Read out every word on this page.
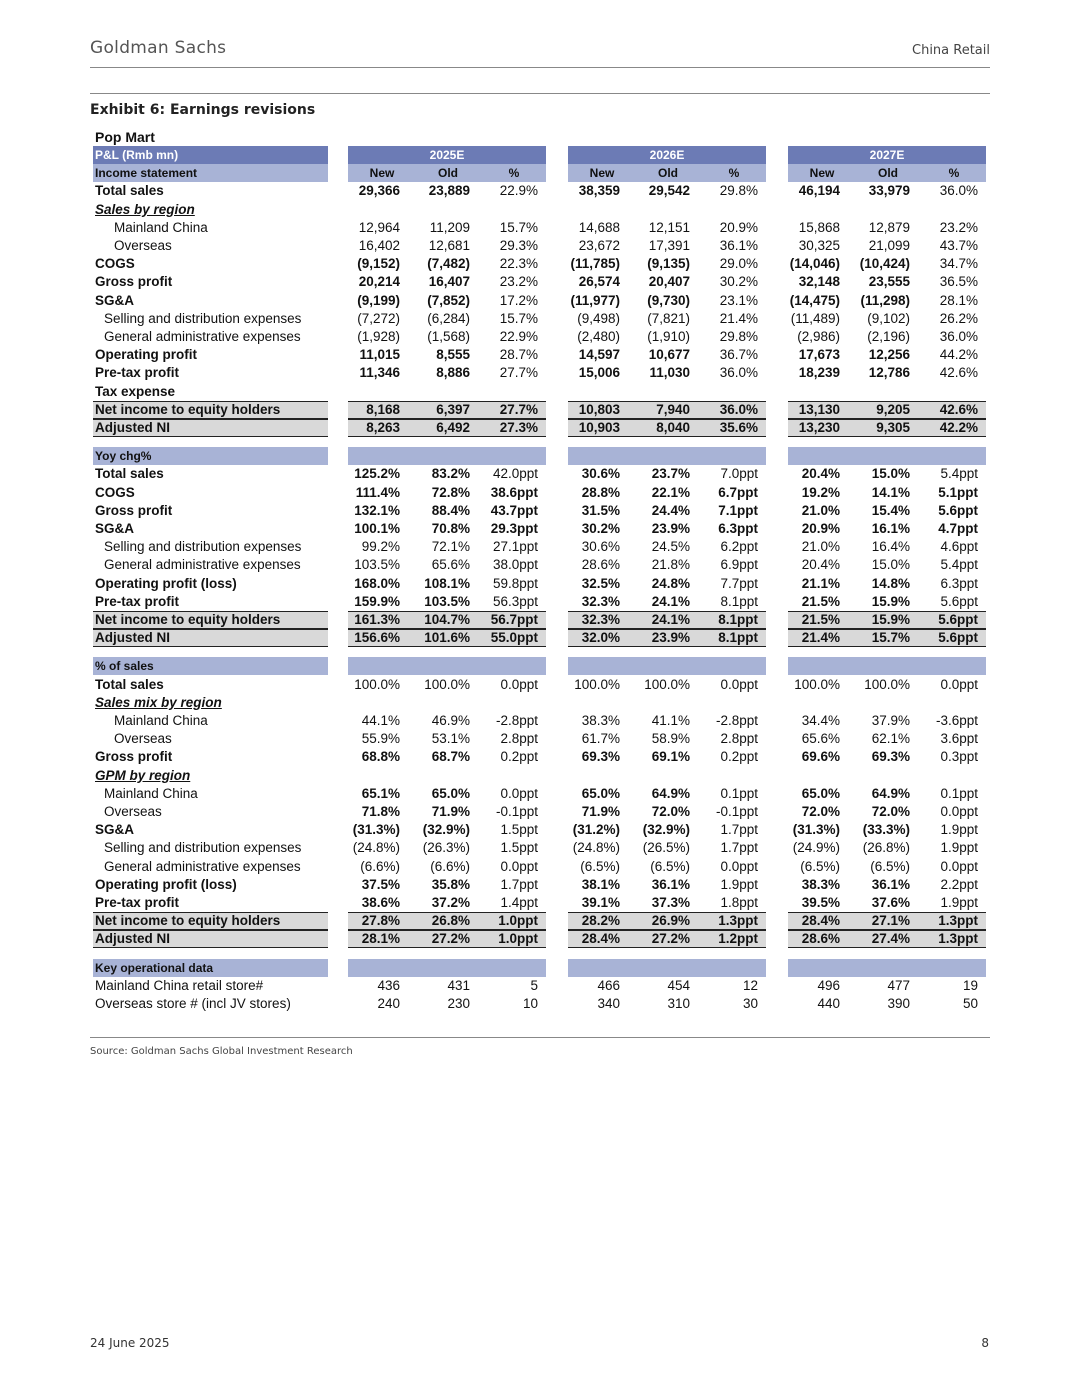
Goldman Sachs	China Retail
Exhibit 6: Earnings revisions
Pop Mart
P&L (Rmb mn)	2025E	2026E	2027E
Income statement	New	Old	%	New	Old	%	New	Old	%
Total sales	29,366	23,889	22.9%	38,359	29,542	29.8%	46,194	33,979	36.0%
Sales by region
Mainland China	12,964	11,209	15.7%	14,688	12,151	20.9%	15,868	12,879	23.2%
Overseas	16,402	12,681	29.3%	23,672	17,391	36.1%	30,325	21,099	43.7%
COGS	(9,152)	(7,482)	22.3%	(11,785)	(9,135)	29.0%	(14,046)	(10,424)	34.7%
Gross profit	20,214	16,407	23.2%	26,574	20,407	30.2%	32,148	23,555	36.5%
SG&A	(9,199)	(7,852)	17.2%	(11,977)	(9,730)	23.1%	(14,475)	(11,298)	28.1%
Selling and distribution expenses	(7,272)	(6,284)	15.7%	(9,498)	(7,821)	21.4%	(11,489)	(9,102)	26.2%
General administrative expenses	(1,928)	(1,568)	22.9%	(2,480)	(1,910)	29.8%	(2,986)	(2,196)	36.0%
Operating profit	11,015	8,555	28.7%	14,597	10,677	36.7%	17,673	12,256	44.2%
Pre-tax profit	11,346	8,886	27.7%	15,006	11,030	36.0%	18,239	12,786	42.6%
Tax expense
Net income to equity holders	8,168	6,397	27.7%	10,803	7,940	36.0%	13,130	9,205	42.6%
Adjusted NI	8,263	6,492	27.3%	10,903	8,040	35.6%	13,230	9,305	42.2%
Yoy chg%
Total sales	125.2%	83.2%	42.0ppt	30.6%	23.7%	7.0ppt	20.4%	15.0%	5.4ppt
COGS	111.4%	72.8%	38.6ppt	28.8%	22.1%	6.7ppt	19.2%	14.1%	5.1ppt
Gross profit	132.1%	88.4%	43.7ppt	31.5%	24.4%	7.1ppt	21.0%	15.4%	5.6ppt
SG&A	100.1%	70.8%	29.3ppt	30.2%	23.9%	6.3ppt	20.9%	16.1%	4.7ppt
Selling and distribution expenses	99.2%	72.1%	27.1ppt	30.6%	24.5%	6.2ppt	21.0%	16.4%	4.6ppt
General administrative expenses	103.5%	65.6%	38.0ppt	28.6%	21.8%	6.9ppt	20.4%	15.0%	5.4ppt
Operating profit (loss)	168.0%	108.1%	59.8ppt	32.5%	24.8%	7.7ppt	21.1%	14.8%	6.3ppt
Pre-tax profit	159.9%	103.5%	56.3ppt	32.3%	24.1%	8.1ppt	21.5%	15.9%	5.6ppt
Net income to equity holders	161.3%	104.7%	56.7ppt	32.3%	24.1%	8.1ppt	21.5%	15.9%	5.6ppt
Adjusted NI	156.6%	101.6%	55.0ppt	32.0%	23.9%	8.1ppt	21.4%	15.7%	5.6ppt
% of sales
Total sales	100.0%	100.0%	0.0ppt	100.0%	100.0%	0.0ppt	100.0%	100.0%	0.0ppt
Sales mix by region
Mainland China	44.1%	46.9%	-2.8ppt	38.3%	41.1%	-2.8ppt	34.4%	37.9%	-3.6ppt
Overseas	55.9%	53.1%	2.8ppt	61.7%	58.9%	2.8ppt	65.6%	62.1%	3.6ppt
Gross profit	68.8%	68.7%	0.2ppt	69.3%	69.1%	0.2ppt	69.6%	69.3%	0.3ppt
GPM by region
Mainland China	65.1%	65.0%	0.0ppt	65.0%	64.9%	0.1ppt	65.0%	64.9%	0.1ppt
Overseas	71.8%	71.9%	-0.1ppt	71.9%	72.0%	-0.1ppt	72.0%	72.0%	0.0ppt
SG&A	(31.3%)	(32.9%)	1.5ppt	(31.2%)	(32.9%)	1.7ppt	(31.3%)	(33.3%)	1.9ppt
Selling and distribution expenses	(24.8%)	(26.3%)	1.5ppt	(24.8%)	(26.5%)	1.7ppt	(24.9%)	(26.8%)	1.9ppt
General administrative expenses	(6.6%)	(6.6%)	0.0ppt	(6.5%)	(6.5%)	0.0ppt	(6.5%)	(6.5%)	0.0ppt
Operating profit (loss)	37.5%	35.8%	1.7ppt	38.1%	36.1%	1.9ppt	38.3%	36.1%	2.2ppt
Pre-tax profit	38.6%	37.2%	1.4ppt	39.1%	37.3%	1.8ppt	39.5%	37.6%	1.9ppt
Net income to equity holders	27.8%	26.8%	1.0ppt	28.2%	26.9%	1.3ppt	28.4%	27.1%	1.3ppt
Adjusted NI	28.1%	27.2%	1.0ppt	28.4%	27.2%	1.2ppt	28.6%	27.4%	1.3ppt
Key operational data
Mainland China retail store#	436	431	5	466	454	12	496	477	19
Overseas store # (incl JV stores)	240	230	10	340	310	30	440	390	50
Source: Goldman Sachs Global Investment Research
24 June 2025	8
